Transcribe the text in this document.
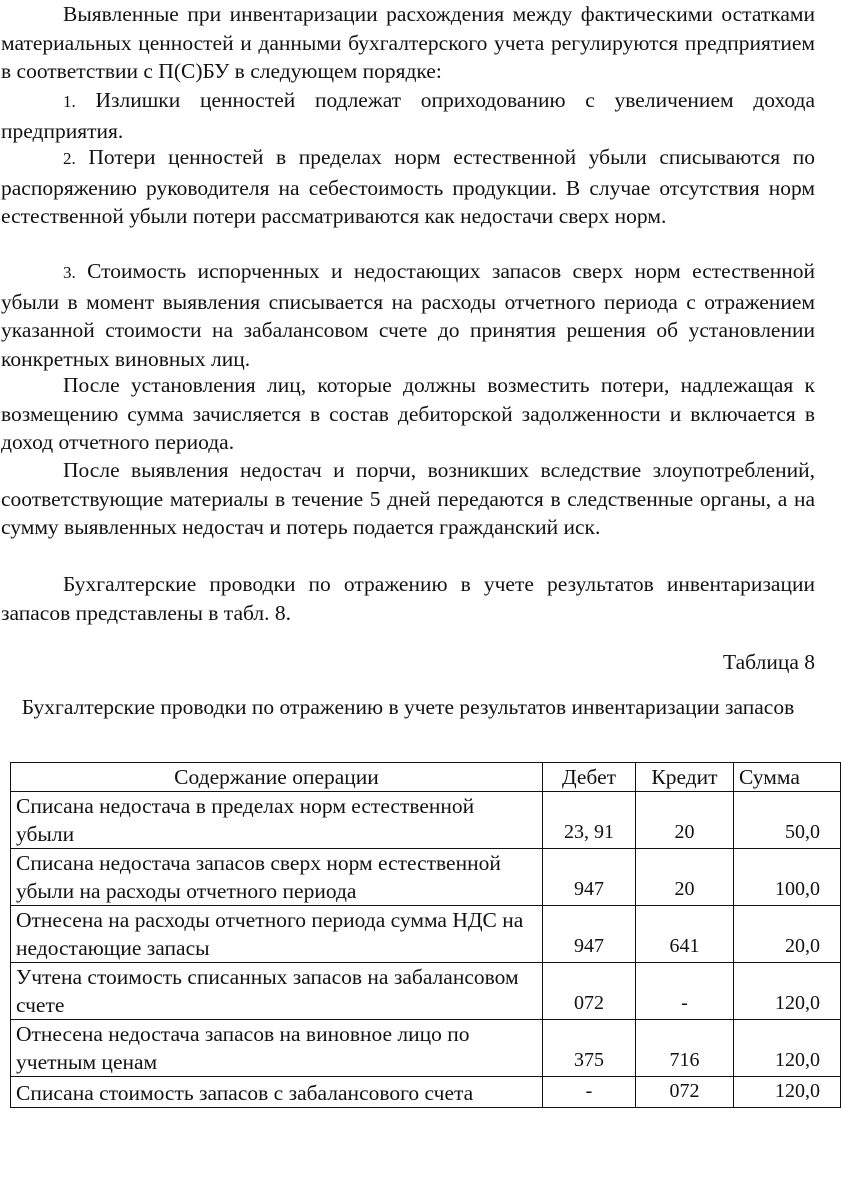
Выявленные при инвентаризации расхождения между фактическими остатками материальных ценностей и данными бухгалтерского учета регулируются предприятием в соответствии с П(С)БУ в следующем порядке:

1. Излишки ценностей подлежат оприходованию с увеличением дохода предприятия.

2. Потери ценностей в пределах норм естественной убыли списываются по распоряжению руководителя на себестоимость продукции. В случае отсутствия норм естественной убыли потери рассматриваются как недостачи сверх норм.

3. Стоимость испорченных и недостающих запасов сверх норм естественной убыли в момент выявления списывается на расходы отчетного периода с отражением указанной стоимости на забалансовом счете до принятия решения об установлении конкретных виновных лиц.

После установления лиц, которые должны возместить потери, надлежащая к возмещению сумма зачисляется в состав дебиторской задолженности и включается в доход отчетного периода.

После выявления недостач и порчи, возникших вследствие злоупотреблений, соответствующие материалы в течение 5 дней передаются в следственные органы, а на сумму выявленных недостач и потерь подается гражданский иск.

Бухгалтерские проводки по отражению в учете результатов инвентаризации запасов представлены в табл. 8.

Таблица 8
Бухгалтерские проводки по отражению в учете результатов инвентаризации запасов
Содержание операции	Дебет	Кредит	Сумма
Списана недостача в пределах норм естественной убыли	23, 91	20	50,0
Списана недостача запасов сверх норм естественной убыли на расходы отчетного периода	947	20	100,0
Отнесена на расходы отчетного периода сумма НДС на недостающие запасы	947	641	20,0
Учтена стоимость списанных запасов на забалансовом счете	072	-	120,0
Отнесена недостача запасов на виновное лицо по учетным ценам	375	716	120,0
Списана стоимость запасов с забалансового счета	-	072	120,0
